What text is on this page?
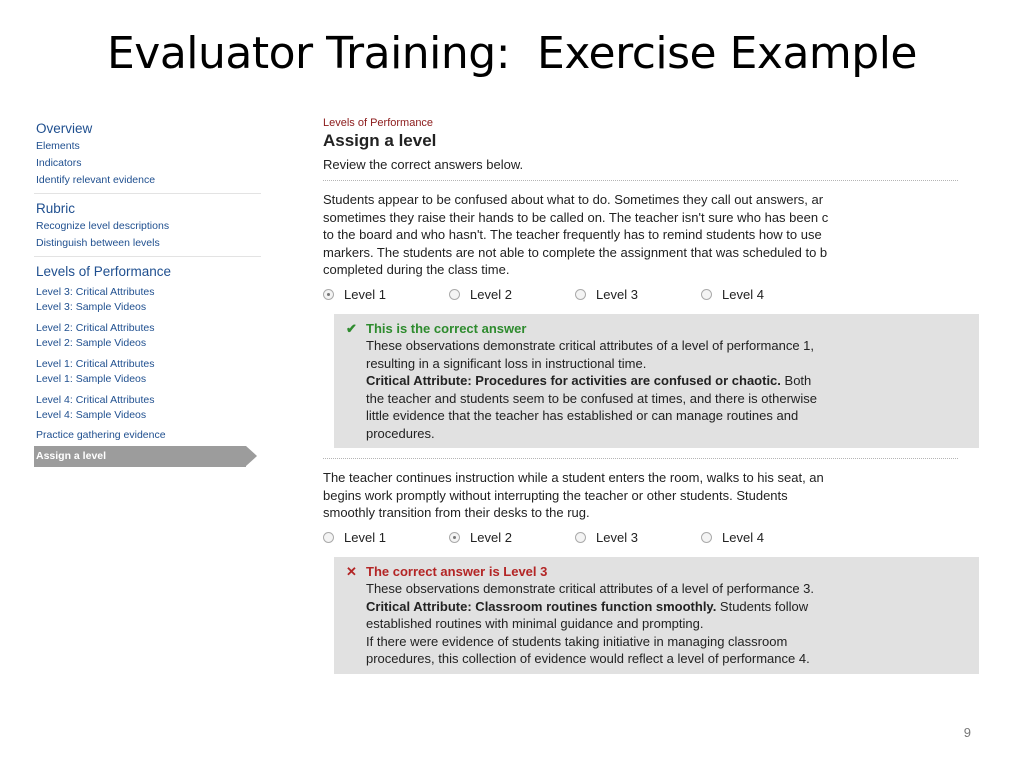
Evaluator Training:  Exercise Example
Overview
Elements
Indicators
Identify relevant evidence
Rubric
Recognize level descriptions
Distinguish between levels
Levels of Performance
Level 3: Critical Attributes
Level 3: Sample Videos
Level 2: Critical Attributes
Level 2: Sample Videos
Level 1: Critical Attributes
Level 1: Sample Videos
Level 4: Critical Attributes
Level 4: Sample Videos
Practice gathering evidence
Assign a level
Levels of Performance
Assign a level
Review the correct answers below.
Students appear to be confused about what to do. Sometimes they call out answers, ar
sometimes they raise their hands to be called on. The teacher isn't sure who has been c
to the board and who hasn't. The teacher frequently has to remind students how to use
markers. The students are not able to complete the assignment that was scheduled to b
completed during the class time.
Level 1	Level 2	Level 3	Level 4
✔ This is the correct answer
These observations demonstrate critical attributes of a level of performance 1,
resulting in a significant loss in instructional time.
Critical Attribute: Procedures for activities are confused or chaotic. Both
the teacher and students seem to be confused at times, and there is otherwise
little evidence that the teacher has established or can manage routines and
procedures.
The teacher continues instruction while a student enters the room, walks to his seat, an
begins work promptly without interrupting the teacher or other students. Students
smoothly transition from their desks to the rug.
Level 1	Level 2	Level 3	Level 4
✕ The correct answer is Level 3
These observations demonstrate critical attributes of a level of performance 3.
Critical Attribute: Classroom routines function smoothly. Students follow
established routines with minimal guidance and prompting.
If there were evidence of students taking initiative in managing classroom
procedures, this collection of evidence would reflect a level of performance 4.
9
